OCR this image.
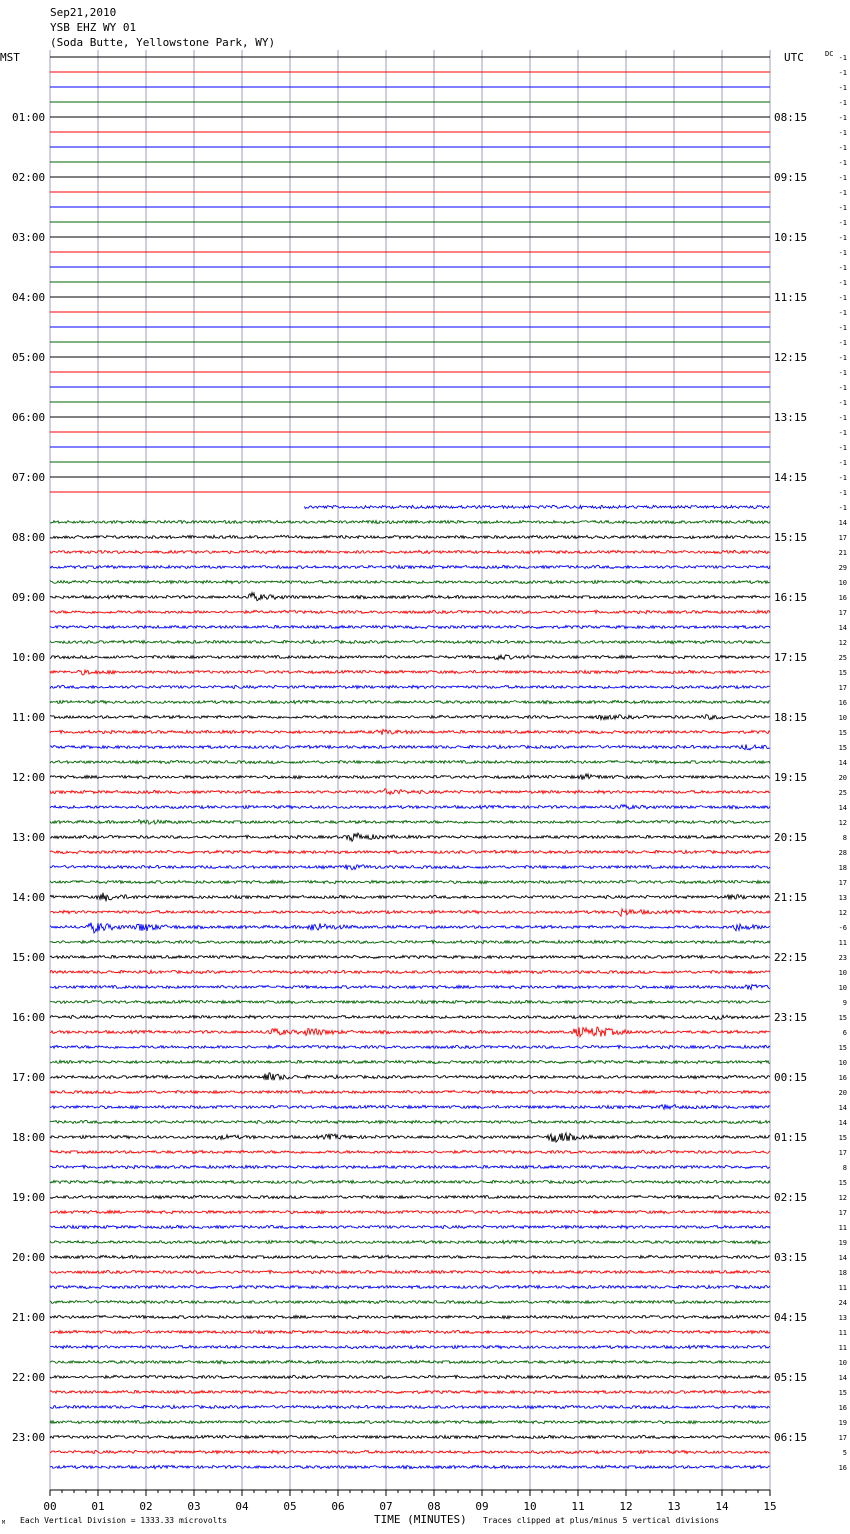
00	01	02	03	04	05	06	07	08	09	10	11	12	13	14	15
-1
-1
-1
-1
-1
-1
-1
-1
-1
-1
-1
-1
-1
-1
-1
-1
-1
-1
-1
-1
-1
-1
-1
-1
-1
-1
-1
-1
-1
-1
-1
14
17
21
29
10
16
17
14
12
25
15
17
16
10
15
15
14
20
25
14
12
8
28
18
17
13
12
-6
11
23
10
10
9
15
6
15
10
16
20
14
14
15
17
8
15
12
17
11
19
14
18
11
24
13
11
11
10
14
15
16
19
17
5
16
01:00	08:15
02:00	09:15
03:00	10:15
04:00	11:15
05:00	12:15
06:00	13:15
07:00	14:15
08:00	15:15
09:00	16:15
10:00	17:15
11:00	18:15
12:00	19:15
13:00	20:15
14:00	21:15
15:00	22:15
16:00	23:15
17:00	00:15
18:00	01:15
19:00	02:15
20:00	03:15
21:00	04:15
22:00	05:15
23:00	06:15
Sep21,2010
YSB EHZ WY 01
(Soda Butte, Yellowstone Park, WY)
MST	UTC	DC
M Each Vertical Division = 1333.33 microvolts	TIME (MINUTES) Traces clipped at plus/minus 5 vertical divisions
